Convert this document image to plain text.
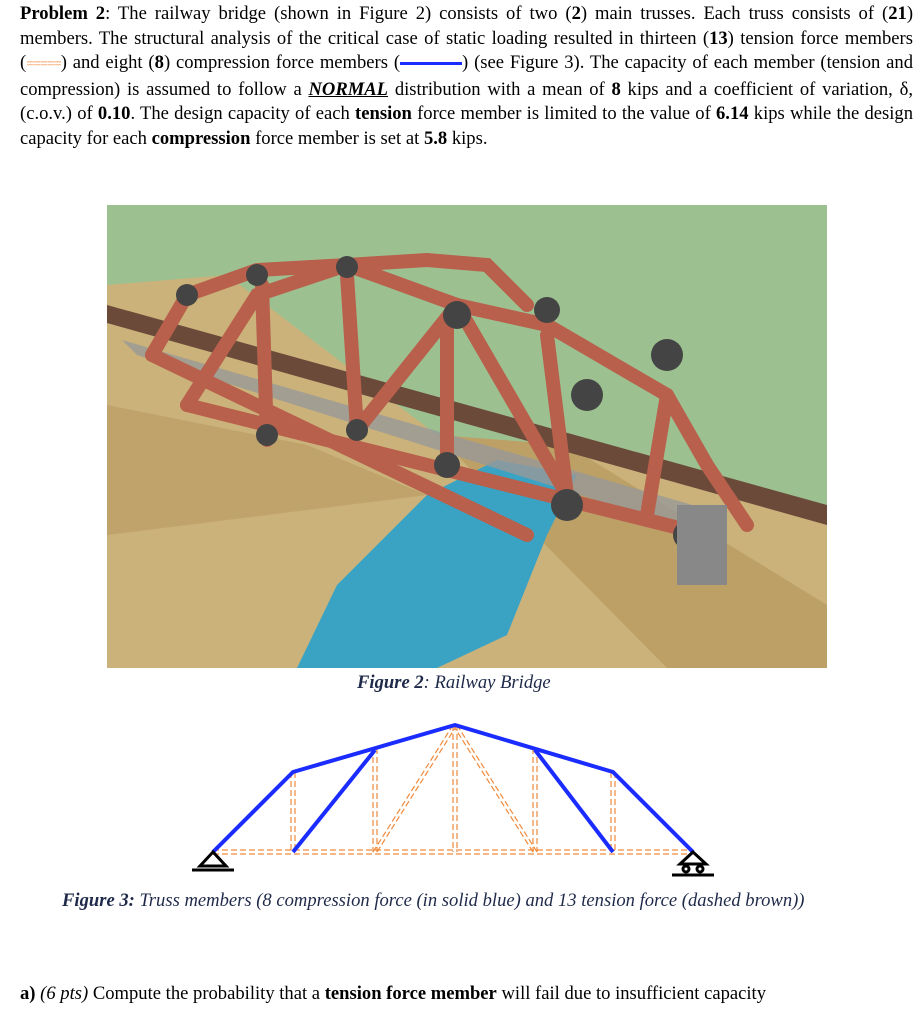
Problem 2: The railway bridge (shown in Figure 2) consists of two (2) main trusses. Each truss consists of (21) members. The structural analysis of the critical case of static loading resulted in thirteen (13) tension force members (=====) and eight (8) compression force members (	) (see Figure 3). The capacity of each member (tension and compression) is assumed to follow a NORMAL distribution with a mean of 8 kips and a coefficient of variation, δ, (c.o.v.) of 0.10. The design capacity of each tension force member is limited to the value of 6.14 kips while the design capacity for each compression force member is set at 5.8 kips.
Figure 2: Railway Bridge
Figure 3: Truss members (8 compression force (in solid blue) and 13 tension force (dashed brown))
a) (6 pts) Compute the probability that a tension force member will fail due to insufficient capacity
